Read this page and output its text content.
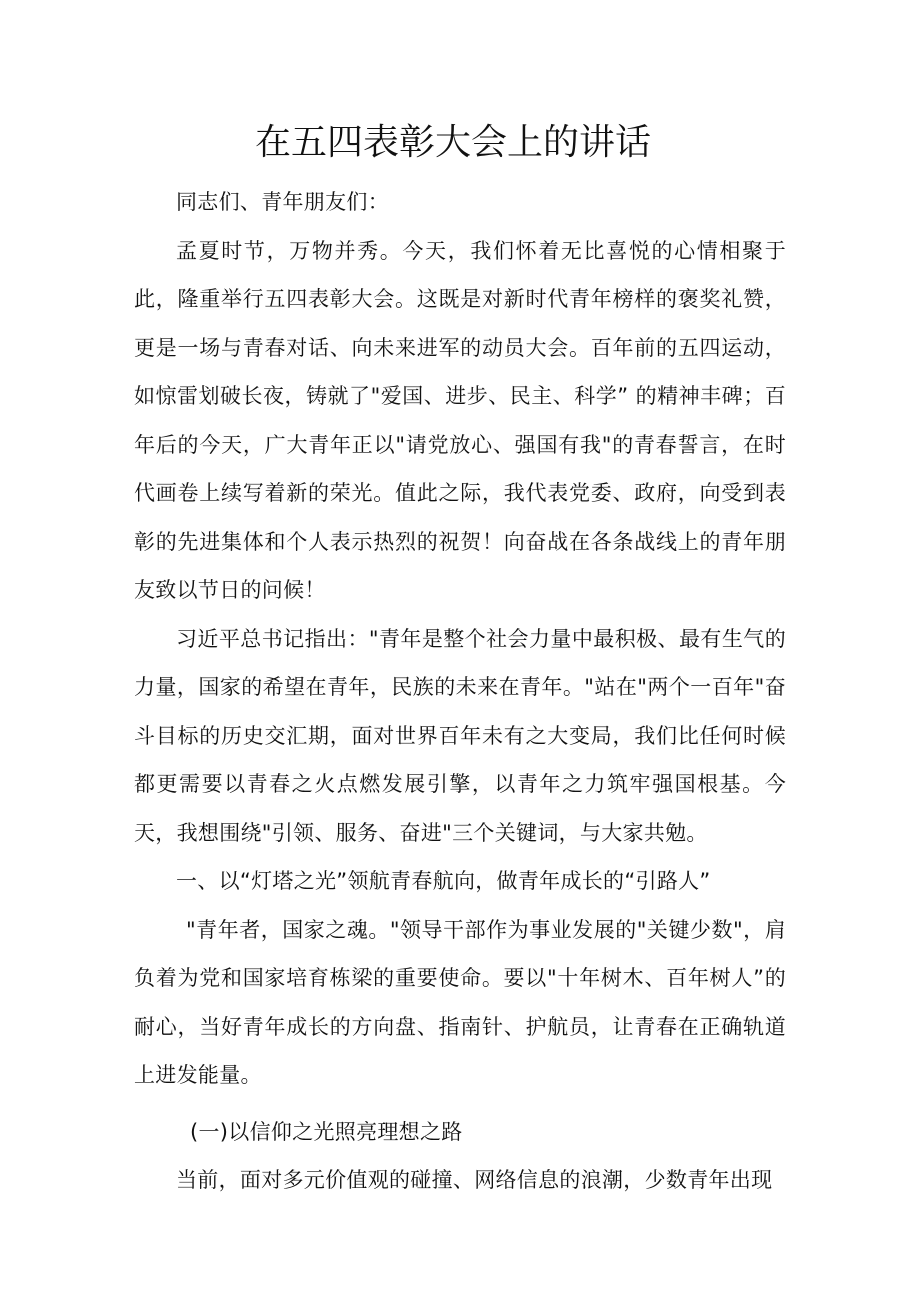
在五四表彰大会上的讲话

同志们、青年朋友们：

孟夏时节，万物并秀。今天，我们怀着无比喜悦的心情相聚于此，隆重举行五四表彰大会。这既是对新时代青年榜样的褒奖礼赞，更是一场与青春对话、向未来进军的动员大会。百年前的五四运动，如惊雷划破长夜，铸就了"爱国、进步、民主、科学” 的精神丰碑；百年后的今天，广大青年正以"请党放心、强国有我"的青春誓言，在时代画卷上续写着新的荣光。值此之际，我代表党委、政府，向受到表彰的先进集体和个人表示热烈的祝贺！向奋战在各条战线上的青年朋友致以节日的问候！

习近平总书记指出："青年是整个社会力量中最积极、最有生气的力量，国家的希望在青年，民族的未来在青年。"站在"两个一百年"奋斗目标的历史交汇期，面对世界百年未有之大变局，我们比任何时候都更需要以青春之火点燃发展引擎，以青年之力筑牢强国根基。今天，我想围绕"引领、服务、奋进"三个关键词，与大家共勉。

一、以“灯塔之光”领航青春航向，做青年成长的“引路人”

"青年者，国家之魂。"领导干部作为事业发展的"关键少数"，肩负着为党和国家培育栋梁的重要使命。要以"十年树木、百年树人”的耐心，当好青年成长的方向盘、指南针、护航员，让青春在正确轨道上进发能量。

(一)以信仰之光照亮理想之路

当前，面对多元价值观的碰撞、网络信息的浪潮，少数青年出现
